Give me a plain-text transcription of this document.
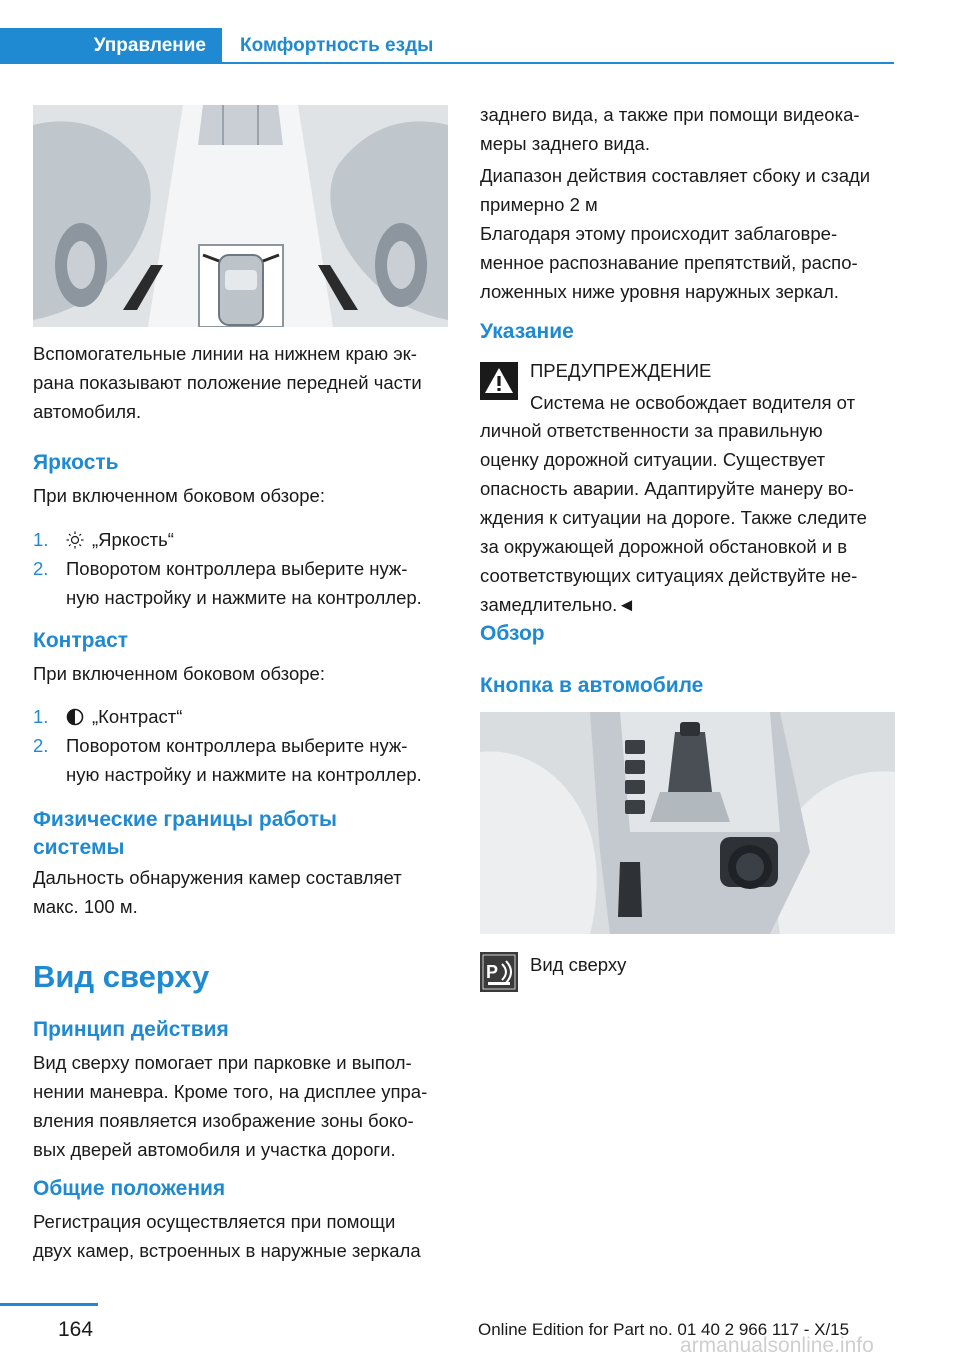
Управление Комфортность езды

Вспомогательные линии на нижнем краю эк-

рана показывают положение передней части

автомобиля.

Яркость

При включенном боковом обзоре:

1.	„Яркость“
2. Поворотом контроллера выберите нуж-

ную настройку и нажмите на контроллер.

Контраст

При включенном боковом обзоре:

1.	„Контраст“
2. Поворотом контроллера выберите нуж-

ную настройку и нажмите на контроллер.

Физические границы работы
системы

Дальность обнаружения камер составляет

макс. 100 м.

Вид сверху
Принцип действия

Вид сверху помогает при парковке и выпол-

нении маневра. Кроме того, на дисплее упра-

вления появляется изображение зоны боко-

вых дверей автомобиля и участка дороги.

Общие положения

Регистрация осуществляется при помощи

двух камер, встроенных в наружные зеркала

заднего вида, а также при помощи видеока-

меры заднего вида.

Диапазон действия составляет сбоку и сзади

примерно 2 м

Благодаря этому происходит заблаговре-

менное распознавание препятствий, распо-

ложенных ниже уровня наружных зеркал.

Указание

ПРЕДУПРЕЖДЕНИЕ

Система не освобождает водителя от

личной ответственности за правильную

оценку дорожной ситуации. Существует

опасность аварии. Адаптируйте манеру во-

ждения к ситуации на дороге. Также следите

за окружающей дорожной обстановкой и в

соответствующих ситуациях действуйте не-

замедлительно.◄

Обзор
Кнопка в автомобиле
P Вид сверху

164	Online Edition for Part no. 01 40 2 966 117 - X/15
armanualsonline.info
